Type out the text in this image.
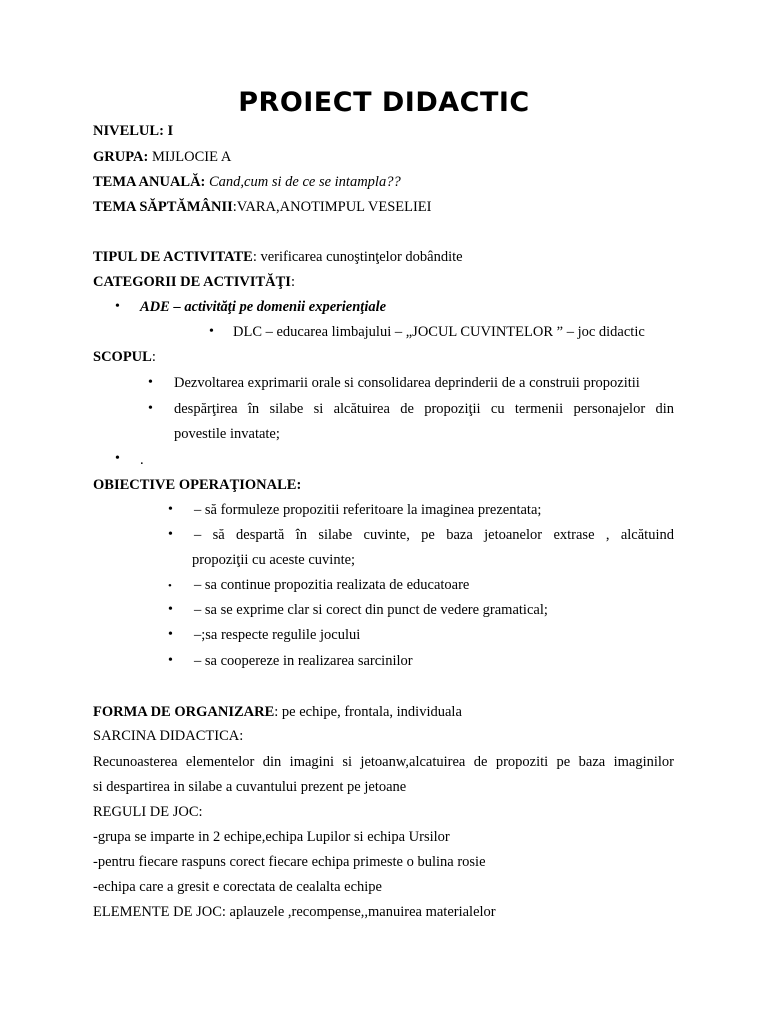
PROIECT DIDACTIC
NIVELUL: I
GRUPA: MIJLOCIE A
TEMA ANUALĂ: Cand,cum si de ce se intampla??
TEMA SĂPTĂMÂNII:VARA,ANOTIMPUL VESELIEI
TIPUL DE ACTIVITATE: verificarea cunoştinţelor dobândite
CATEGORII DE ACTIVITĂŢI:
• ADE – activităţi pe domenii experienţiale
• DLC – educarea limbajului – „JOCUL CUVINTELOR ” – joc didactic
SCOPUL:
• Dezvoltarea exprimarii orale si consolidarea deprinderii de a construii propozitii
• despărţirea în silabe si alcătuirea de propoziţii cu termenii personajelor din
povestile invatate;
• .
OBIECTIVE OPERAŢIONALE:
• – să formuleze propozitii referitoare la imaginea prezentata;
• – să despartă în silabe cuvinte, pe baza jetoanelor extrase , alcătuind
propoziţii cu aceste cuvinte;
• – sa continue propozitia realizata de educatoare
• – sa se exprime clar si corect din punct de vedere gramatical;
• –;sa respecte regulile jocului
• – sa coopereze in realizarea sarcinilor
FORMA DE ORGANIZARE: pe echipe, frontala, individuala
SARCINA DIDACTICA:
Recunoasterea elementelor din imagini si jetoanw,alcatuirea de propoziti pe baza imaginilor
si despartirea in silabe a cuvantului prezent pe jetoane
REGULI DE JOC:
-grupa se imparte in 2 echipe,echipa Lupilor si echipa Ursilor
-pentru fiecare raspuns corect fiecare echipa primeste o bulina rosie
-echipa care a gresit e corectata de cealalta echipe
ELEMENTE DE JOC: aplauzele ,recompense,,manuirea materialelor
